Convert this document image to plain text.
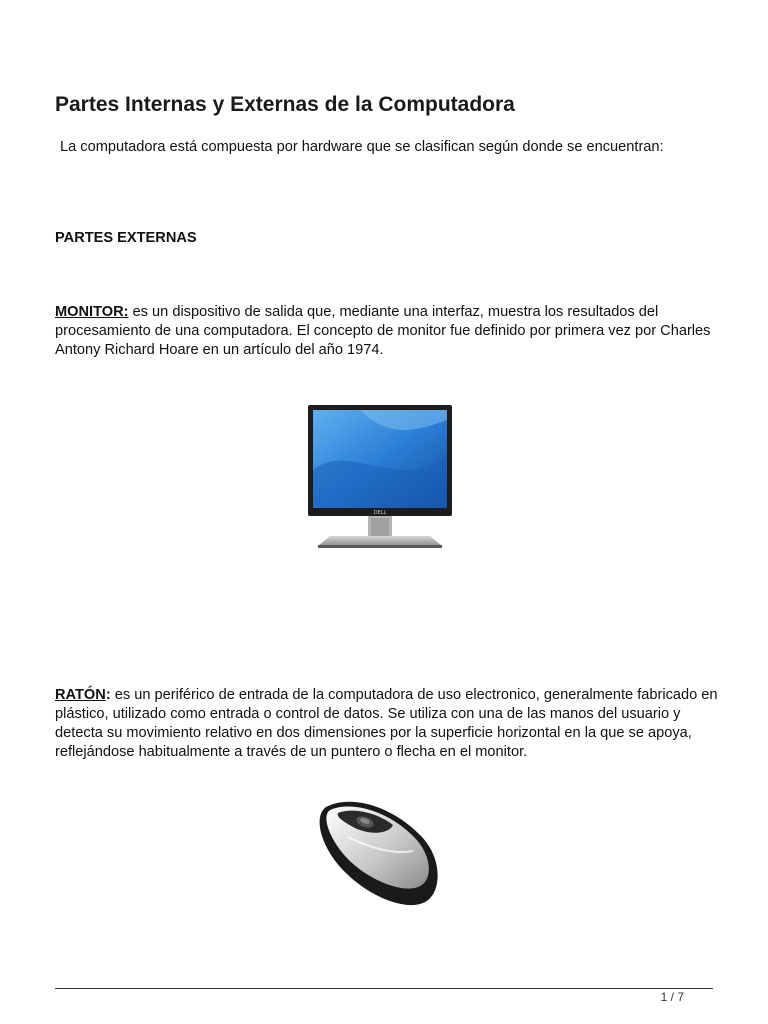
Partes Internas y Externas de la Computadora

La computadora está compuesta por hardware que se clasifican según donde se encuentran:

PARTES EXTERNAS

MONITOR: es un dispositivo de salida que, mediante una interfaz, muestra los resultados del procesamiento de una computadora. El concepto de monitor fue definido por primera vez por Charles Antony Richard Hoare en un artículo del año 1974.

DELL

RATÓN: es un periférico de entrada de la computadora de uso electronico, generalmente fabricado en plástico, utilizado como entrada o control de datos. Se utiliza con una de las manos del usuario y detecta su movimiento relativo en dos dimensiones por la superficie horizontal en la que se apoya, reflejándose habitualmente a través de un puntero o flecha en el monitor.

1 / 7
